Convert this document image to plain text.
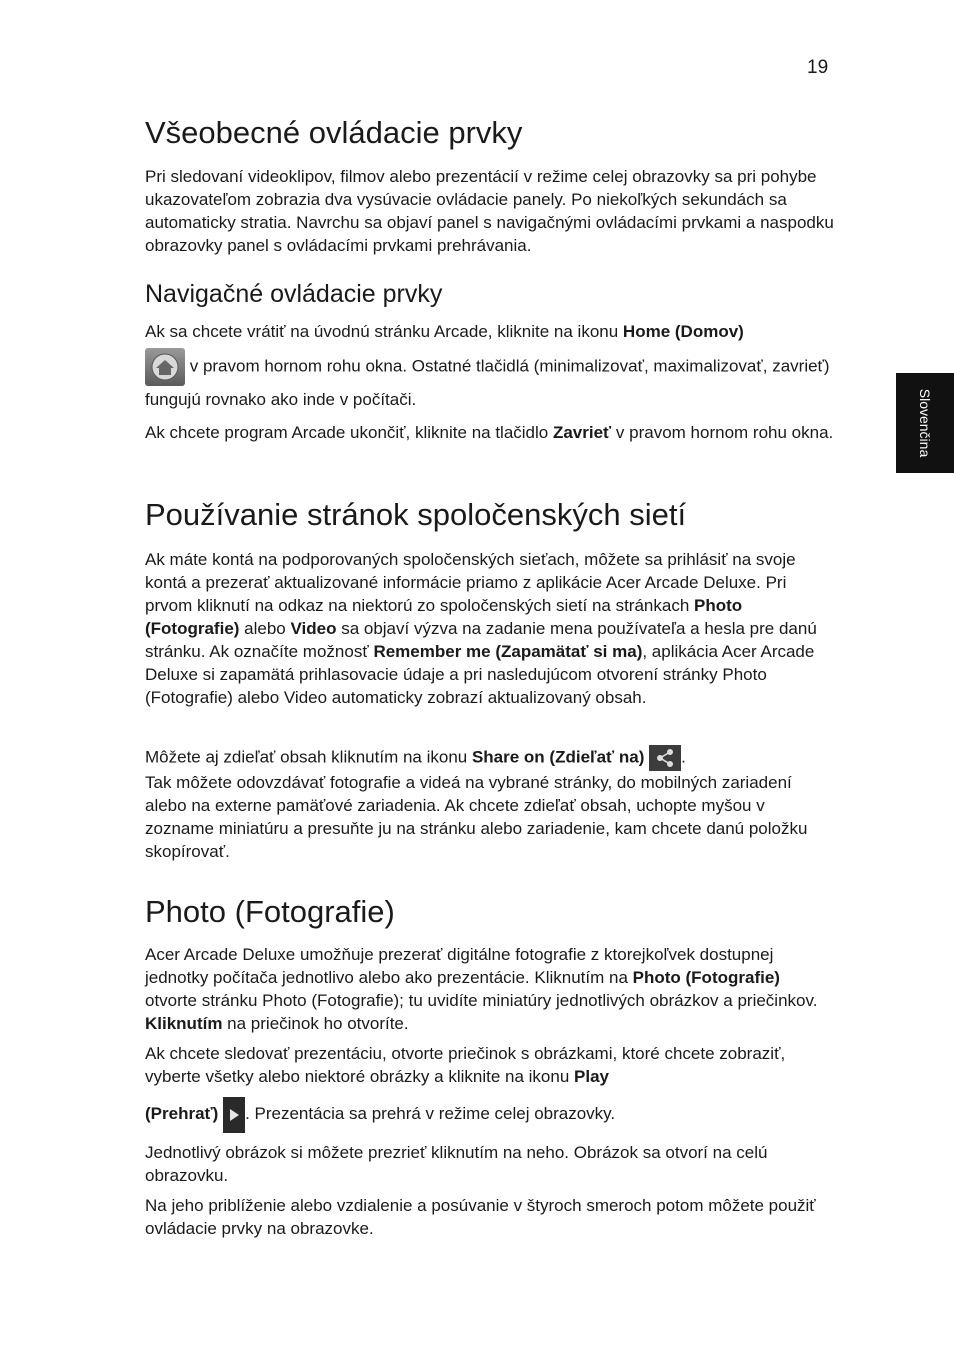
19
Slovenčina
Všeobecné ovládacie prvky

Pri sledovaní videoklipov, filmov alebo prezentácií v režime celej obrazovky sa pri pohybe ukazovateľom zobrazia dva vysúvacie ovládacie panely. Po niekoľkých sekundách sa automaticky stratia. Navrchu sa objaví panel s navigačnými ovládacími prvkami a naspodku obrazovky panel s ovládacími prvkami prehrávania.

Navigačné ovládacie prvky

Ak sa chcete vrátiť na úvodnú stránku Arcade, kliknite na ikonu Home (Domov)

v pravom hornom rohu okna. Ostatné tlačidlá (minimalizovať, maximalizovať, zavrieť) fungujú rovnako ako inde v počítači.

Ak chcete program Arcade ukončiť, kliknite na tlačidlo Zavrieť v pravom hornom rohu okna.

Používanie stránok spoločenských sietí

Ak máte kontá na podporovaných spoločenských sieťach, môžete sa prihlásiť na svoje kontá a prezerať aktualizované informácie priamo z aplikácie Acer Arcade Deluxe. Pri prvom kliknutí na odkaz na niektorú zo spoločenských sietí na stránkach Photo (Fotografie) alebo Video sa objaví výzva na zadanie mena používateľa a hesla pre danú stránku. Ak označíte možnosť Remember me (Zapamätať si ma), aplikácia Acer Arcade Deluxe si zapamätá prihlasovacie údaje a pri nasledujúcom otvorení stránky Photo (Fotografie) alebo Video automaticky zobrazí aktualizovaný obsah.

Môžete aj zdieľať obsah kliknutím na ikonu Share on (Zdieľať na) .
Tak môžete odovzdávať fotografie a videá na vybrané stránky, do mobilných zariadení alebo na externe pamäťové zariadenia. Ak chcete zdieľať obsah, uchopte myšou v zozname miniatúru a presuňte ju na stránku alebo zariadenie, kam chcete danú položku skopírovať.

Photo (Fotografie)

Acer Arcade Deluxe umožňuje prezerať digitálne fotografie z ktorejkoľvek dostupnej jednotky počítača jednotlivo alebo ako prezentácie. Kliknutím na Photo (Fotografie) otvorte stránku Photo (Fotografie); tu uvidíte miniatúry jednotlivých obrázkov a priečinkov. Kliknutím na priečinok ho otvoríte.

Ak chcete sledovať prezentáciu, otvorte priečinok s obrázkami, ktoré chcete zobraziť, vyberte všetky alebo niektoré obrázky a kliknite na ikonu Play

(Prehrať) . Prezentácia sa prehrá v režime celej obrazovky.

Jednotlivý obrázok si môžete prezrieť kliknutím na neho. Obrázok sa otvorí na celú obrazovku.

Na jeho priblíženie alebo vzdialenie a posúvanie v štyroch smeroch potom môžete použiť ovládacie prvky na obrazovke.
